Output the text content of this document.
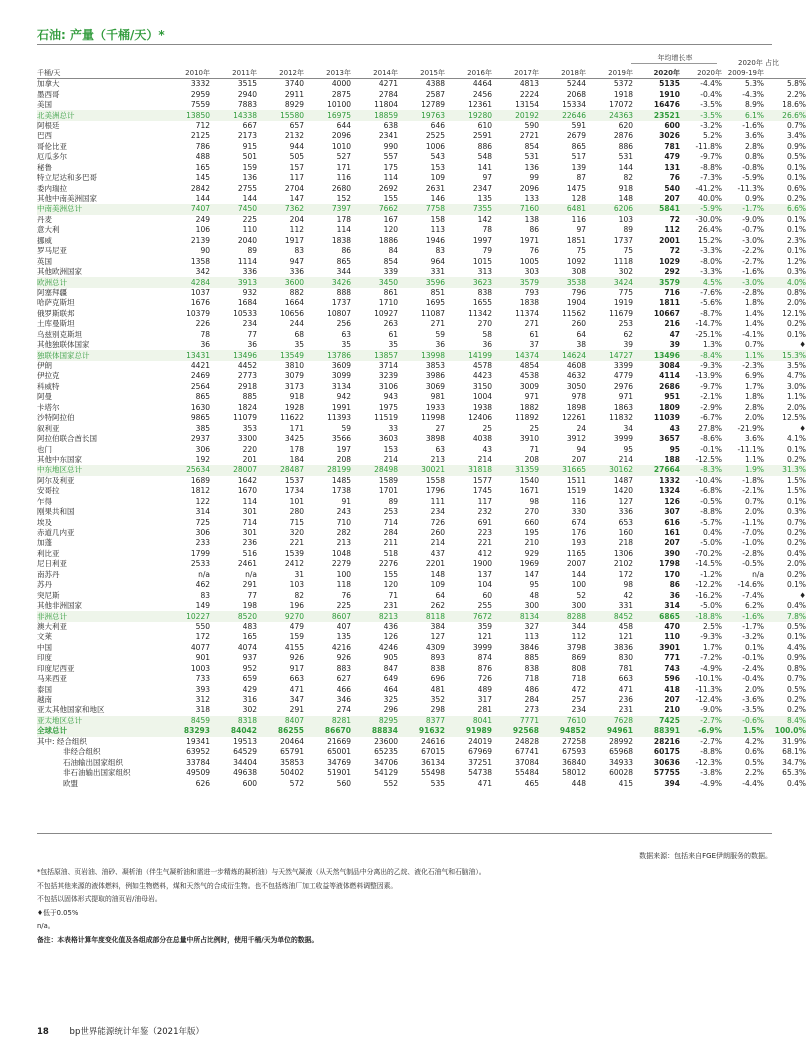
石油: 产量（千桶/天）*
年均增长率
2020年 占比
千桶/天	2010年	2011年	2012年	2013年	2014年	2015年	2016年	2017年	2018年	2019年	2020年	2020年	2009-19年	
加拿大	3332	3515	3740	4000	4271	4388	4464	4813	5244	5372	5135	-4.4%	5.3%	5.8%
墨西哥	2959	2940	2911	2875	2784	2587	2456	2224	2068	1918	1910	-0.4%	-4.3%	2.2%
美国	7559	7883	8929	10100	11804	12789	12361	13154	15334	17072	16476	-3.5%	8.9%	18.6%
北美洲总计	13850	14338	15580	16975	18859	19763	19280	20192	22646	24363	23521	-3.5%	6.1%	26.6%
阿根廷	712	667	657	644	638	646	610	590	591	620	600	-3.2%	-1.6%	0.7%
巴西	2125	2173	2132	2096	2341	2525	2591	2721	2679	2876	3026	5.2%	3.6%	3.4%
哥伦比亚	786	915	944	1010	990	1006	886	854	865	886	781	-11.8%	2.8%	0.9%
厄瓜多尔	488	501	505	527	557	543	548	531	517	531	479	-9.7%	0.8%	0.5%
秘鲁	165	159	157	171	175	153	141	136	139	144	131	-8.8%	-0.8%	0.1%
特立尼达和多巴哥	145	136	117	116	114	109	97	99	87	82	76	-7.3%	-5.9%	0.1%
委内瑞拉	2842	2755	2704	2680	2692	2631	2347	2096	1475	918	540	-41.2%	-11.3%	0.6%
其他中南美洲国家	144	144	147	152	155	146	135	133	128	148	207	40.0%	0.9%	0.2%
中南美洲总计	7407	7450	7362	7397	7662	7758	7355	7160	6481	6206	5841	-5.9%	-1.7%	6.6%
丹麦	249	225	204	178	167	158	142	138	116	103	72	-30.0%	-9.0%	0.1%
意大利	106	110	112	114	120	113	78	86	97	89	112	26.4%	-0.7%	0.1%
挪威	2139	2040	1917	1838	1886	1946	1997	1971	1851	1737	2001	15.2%	-3.0%	2.3%
罗马尼亚	90	89	83	86	84	83	79	76	75	75	72	-3.3%	-2.2%	0.1%
英国	1358	1114	947	865	854	964	1015	1005	1092	1118	1029	-8.0%	-2.7%	1.2%
其他欧洲国家	342	336	336	344	339	331	313	303	308	302	292	-3.3%	-1.6%	0.3%
欧洲总计	4284	3913	3600	3426	3450	3596	3623	3579	3538	3424	3579	4.5%	-3.0%	4.0%
阿塞拜疆	1037	932	882	888	861	851	838	793	796	775	716	-7.6%	-2.8%	0.8%
哈萨克斯坦	1676	1684	1664	1737	1710	1695	1655	1838	1904	1919	1811	-5.6%	1.8%	2.0%
俄罗斯联邦	10379	10533	10656	10807	10927	11087	11342	11374	11562	11679	10667	-8.7%	1.4%	12.1%
土库曼斯坦	226	234	244	256	263	271	270	271	260	253	216	-14.7%	1.4%	0.2%
乌兹别克斯坦	78	77	68	63	61	59	58	61	64	62	47	-25.1%	-4.1%	0.1%
其他独联体国家	36	36	35	35	35	36	36	37	38	39	39	1.3%	0.7%	♦
独联体国家总计	13431	13496	13549	13786	13857	13998	14199	14374	14624	14727	13496	-8.4%	1.1%	15.3%
伊朗	4421	4452	3810	3609	3714	3853	4578	4854	4608	3399	3084	-9.3%	-2.3%	3.5%
伊拉克	2469	2773	3079	3099	3239	3986	4423	4538	4632	4779	4114	-13.9%	6.9%	4.7%
科威特	2564	2918	3173	3134	3106	3069	3150	3009	3050	2976	2686	-9.7%	1.7%	3.0%
阿曼	865	885	918	942	943	981	1004	971	978	971	951	-2.1%	1.8%	1.1%
卡塔尔	1630	1824	1928	1991	1975	1933	1938	1882	1898	1863	1809	-2.9%	2.8%	2.0%
沙特阿拉伯	9865	11079	11622	11393	11519	11998	12406	11892	12261	11832	11039	-6.7%	2.0%	12.5%
叙利亚	385	353	171	59	33	27	25	25	24	34	43	27.8%	-21.9%	♦
阿拉伯联合酋长国	2937	3300	3425	3566	3603	3898	4038	3910	3912	3999	3657	-8.6%	3.6%	4.1%
也门	306	220	178	197	153	63	43	71	94	95	95	-0.1%	-11.1%	0.1%
其他中东国家	192	201	184	208	214	213	214	208	207	214	188	-12.5%	1.1%	0.2%
中东地区总计	25634	28007	28487	28199	28498	30021	31818	31359	31665	30162	27664	-8.3%	1.9%	31.3%
阿尔及利亚	1689	1642	1537	1485	1589	1558	1577	1540	1511	1487	1332	-10.4%	-1.8%	1.5%
安哥拉	1812	1670	1734	1738	1701	1796	1745	1671	1519	1420	1324	-6.8%	-2.1%	1.5%
乍得	122	114	101	91	89	111	117	98	116	127	126	-0.5%	0.7%	0.1%
刚果共和国	314	301	280	243	253	234	232	270	330	336	307	-8.8%	2.0%	0.3%
埃及	725	714	715	710	714	726	691	660	674	653	616	-5.7%	-1.1%	0.7%
赤道几内亚	306	301	320	282	284	260	223	195	176	160	161	0.4%	-7.0%	0.2%
加蓬	233	236	221	213	211	214	221	210	193	218	207	-5.0%	-1.0%	0.2%
利比亚	1799	516	1539	1048	518	437	412	929	1165	1306	390	-70.2%	-2.8%	0.4%
尼日利亚	2533	2461	2412	2279	2276	2201	1900	1969	2007	2102	1798	-14.5%	-0.5%	2.0%
南苏丹	n/a	n/a	31	100	155	148	137	147	144	172	170	-1.2%	n/a	0.2%
苏丹	462	291	103	118	120	109	104	95	100	98	86	-12.2%	-14.6%	0.1%
突尼斯	83	77	82	76	71	64	60	48	52	42	36	-16.2%	-7.4%	♦
其他非洲国家	149	198	196	225	231	262	255	300	300	331	314	-5.0%	6.2%	0.4%
非洲总计	10227	8520	9270	8607	8213	8118	7672	8134	8288	8452	6865	-18.8%	-1.6%	7.8%
澳大利亚	550	483	479	407	436	384	359	327	344	458	470	2.5%	-1.7%	0.5%
文莱	172	165	159	135	126	127	121	113	112	121	110	-9.3%	-3.2%	0.1%
中国	4077	4074	4155	4216	4246	4309	3999	3846	3798	3836	3901	1.7%	0.1%	4.4%
印度	901	937	926	926	905	893	874	885	869	830	771	-7.2%	-0.1%	0.9%
印度尼西亚	1003	952	917	883	847	838	876	838	808	781	743	-4.9%	-2.4%	0.8%
马来西亚	733	659	663	627	649	696	726	718	718	663	596	-10.1%	-0.4%	0.7%
泰国	393	429	471	466	464	481	489	486	472	471	418	-11.3%	2.0%	0.5%
越南	312	316	347	346	325	352	317	284	257	236	207	-12.4%	-3.6%	0.2%
亚太其他国家和地区	318	302	291	274	296	298	281	273	234	231	210	-9.0%	-3.5%	0.2%
亚太地区总计	8459	8318	8407	8281	8295	8377	8041	7771	7610	7628	7425	-2.7%	-0.6%	8.4%
全球总计	83293	84042	86255	86670	88834	91632	91989	92568	94852	94961	88391	-6.9%	1.5%	100.0%
其中: 经合组织	19341	19513	20464	21669	23600	24616	24019	24828	27258	28992	28216	-2.7%	4.2%	31.9%
非经合组织	63952	64529	65791	65001	65235	67015	67969	67741	67593	65968	60175	-8.8%	0.6%	68.1%
石油输出国家组织	33784	34404	35853	34769	34706	36134	37251	37084	36840	34933	30636	-12.3%	0.5%	34.7%
非石油输出国家组织	49509	49638	50402	51901	54129	55498	54738	55484	58012	60028	57755	-3.8%	2.2%	65.3%
欧盟	626	600	572	560	552	535	471	465	448	415	394	-4.9%	-4.4%	0.4%
数据来源：包括来自FGE伊朗服务的数据。
*包括原油、页岩油、油砂、凝析油（伴生气凝析油和需进一步精炼的凝析油）与天然气凝液（从天然气制品中分离出的乙烷、液化石油气和石脑油）。
不包括其他来源的液体燃料，例如生物燃料，煤和天然气的合成衍生物。也不包括炼油厂加工收益等液体燃料调整因素。
不包括以固体形式提取的油页岩/油母岩。
♦低于0.05%
n/a。
备注：本表格计算年度变化值及各组成部分在总量中所占比例时，使用千桶/天为单位的数据。
18 bp世界能源统计年鉴（2021年版）
